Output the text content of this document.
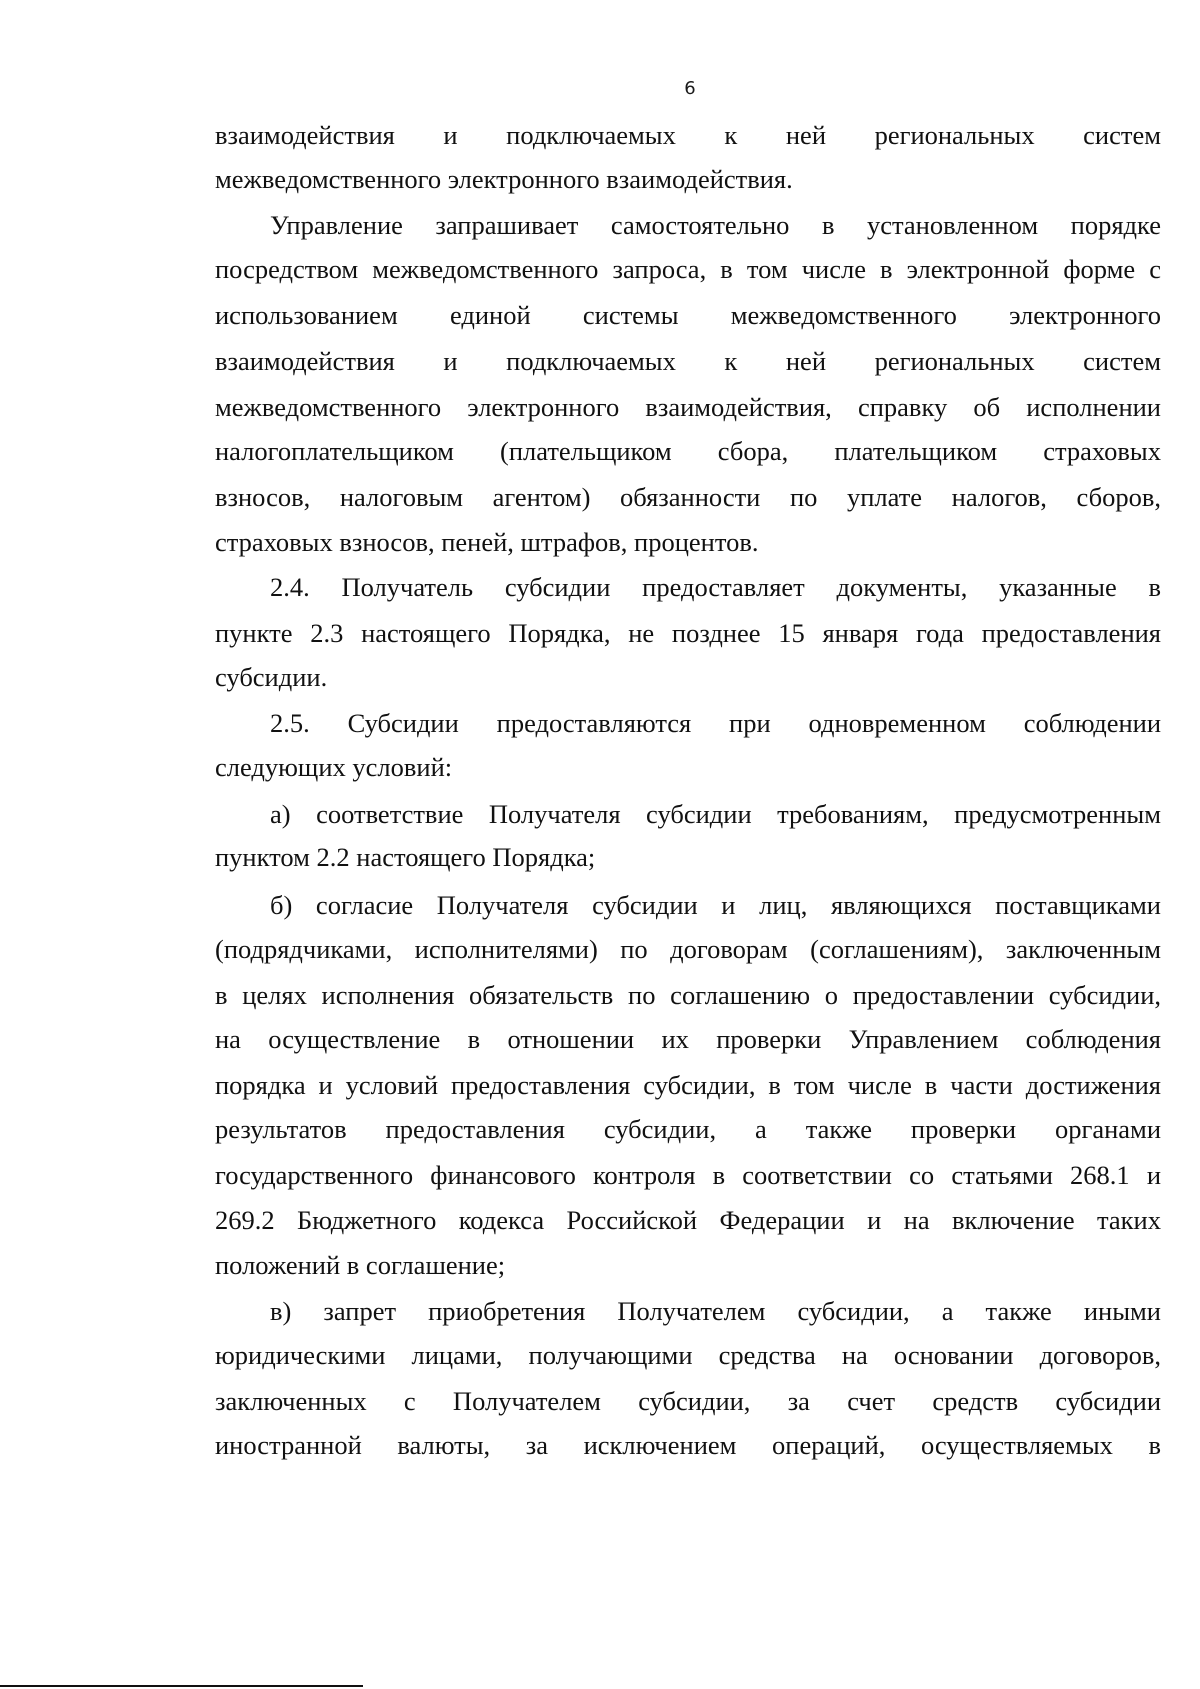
6
взаимодействия и подключаемых к ней региональных систем
межведомственного электронного взаимодействия.
Управление запрашивает самостоятельно в установленном порядке
посредством межведомственного запроса, в том числе в электронной форме с
использованием единой системы межведомственного электронного
взаимодействия и подключаемых к ней региональных систем
межведомственного электронного взаимодействия, справку об исполнении
налогоплательщиком (плательщиком сбора, плательщиком страховых
взносов, налоговым агентом) обязанности по уплате налогов, сборов,
страховых взносов, пеней, штрафов, процентов.
2.4. Получатель субсидии предоставляет документы, указанные в
пункте 2.3 настоящего Порядка, не позднее 15 января года предоставления
субсидии.
2.5. Субсидии предоставляются при одновременном соблюдении
следующих условий:
а) соответствие Получателя субсидии требованиям, предусмотренным
пунктом 2.2 настоящего Порядка;
б) согласие Получателя субсидии и лиц, являющихся поставщиками
(подрядчиками, исполнителями) по договорам (соглашениям), заключенным
в целях исполнения обязательств по соглашению о предоставлении субсидии,
на осуществление в отношении их проверки Управлением соблюдения
порядка и условий предоставления субсидии, в том числе в части достижения
результатов предоставления субсидии, а также проверки органами
государственного финансового контроля в соответствии со статьями 268.1 и
269.2 Бюджетного кодекса Российской Федерации и на включение таких
положений в соглашение;
в) запрет приобретения Получателем субсидии, а также иными
юридическими лицами, получающими средства на основании договоров,
заключенных с Получателем субсидии, за счет средств субсидии
иностранной валюты, за исключением операций, осуществляемых в
